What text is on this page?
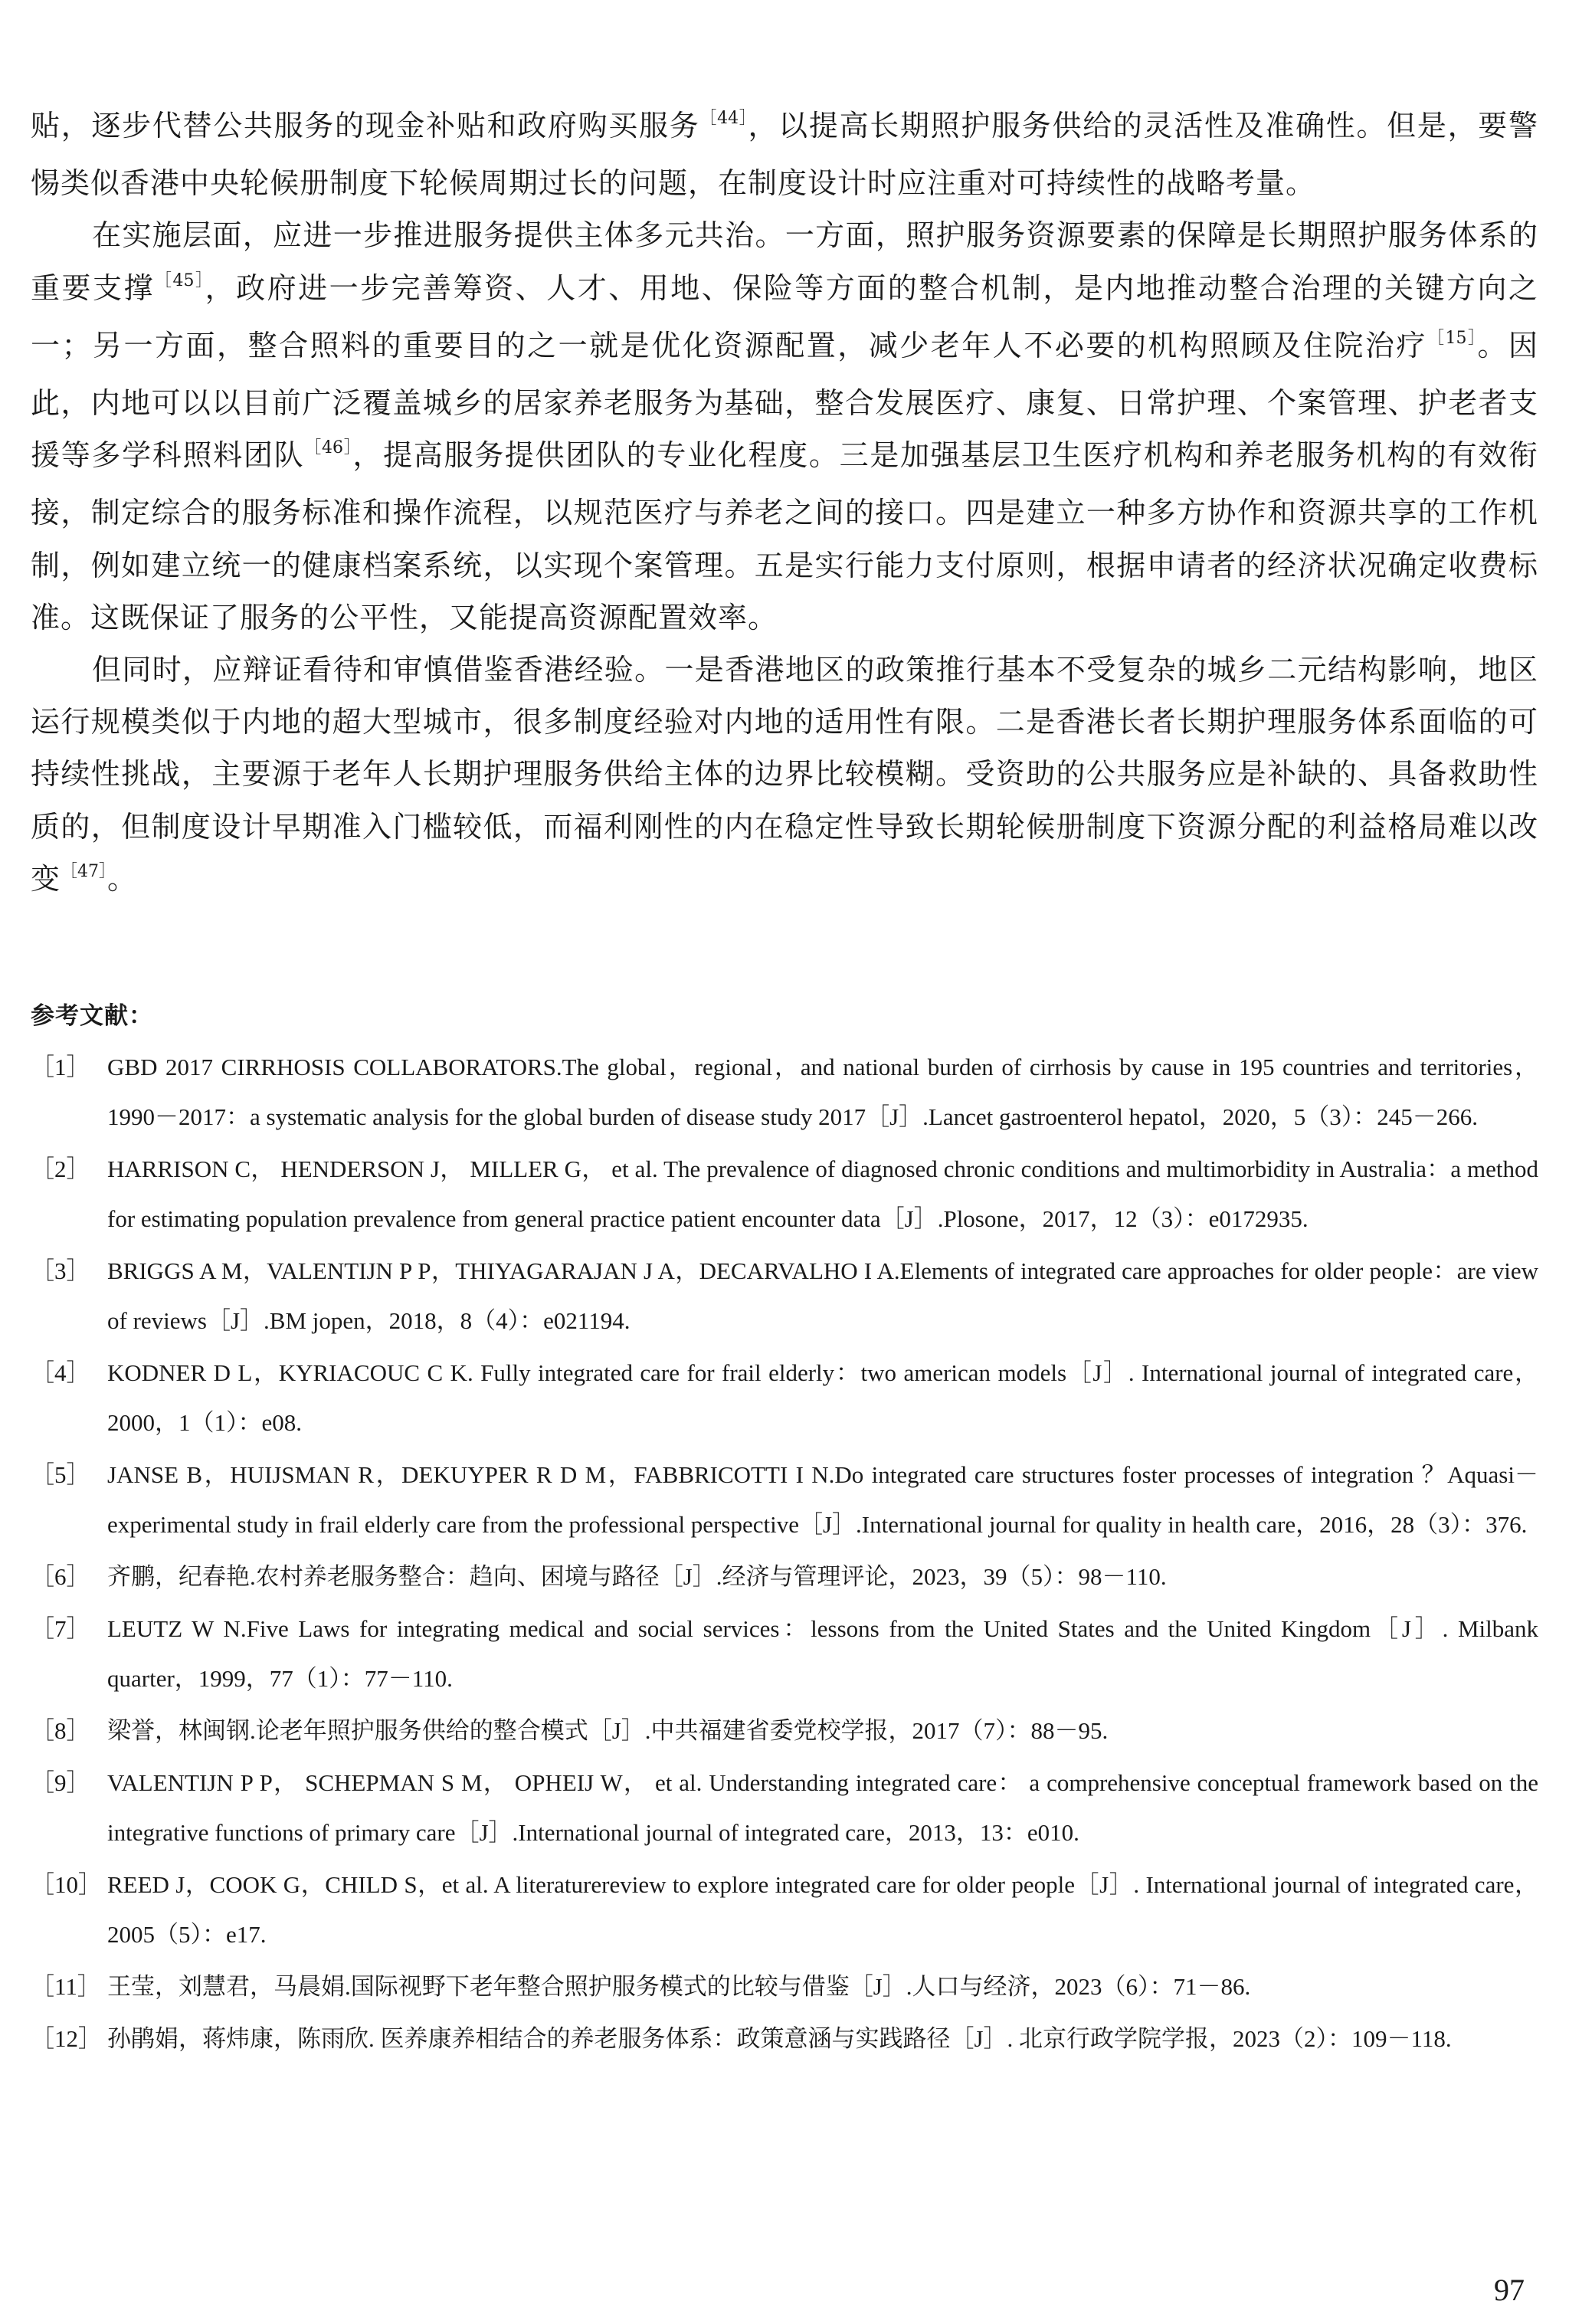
贴，逐步代替公共服务的现金补贴和政府购买服务$^{[44]}$，以提高长期照护服务供给的灵活性及准确性。但是，要警惕类似香港中央轮候册制度下轮候周期过长的问题，在制度设计时应注重对可持续性的战略考量。

在实施层面，应进一步推进服务提供主体多元共治。一方面，照护服务资源要素的保障是长期照护服务体系的重要支撑$^{[45]}$，政府进一步完善筹资、人才、用地、保险等方面的整合机制，是内地推动整合治理的关键方向之一；另一方面，整合照料的重要目的之一就是优化资源配置，减少老年人不必要的机构照顾及住院治疗$^{[15]}$。因此，内地可以以目前广泛覆盖城乡的居家养老服务为基础，整合发展医疗、康复、日常护理、个案管理、护老者支援等多学科照料团队$^{[46]}$，提高服务提供团队的专业化程度。三是加强基层卫生医疗机构和养老服务机构的有效衔接，制定综合的服务标准和操作流程，以规范医疗与养老之间的接口。四是建立一种多方协作和资源共享的工作机制，例如建立统一的健康档案系统，以实现个案管理。五是实行能力支付原则，根据申请者的经济状况确定收费标准。这既保证了服务的公平性，又能提高资源配置效率。

但同时，应辩证看待和审慎借鉴香港经验。一是香港地区的政策推行基本不受复杂的城乡二元结构影响，地区运行规模类似于内地的超大型城市，很多制度经验对内地的适用性有限。二是香港长者长期护理服务体系面临的可持续性挑战，主要源于老年人长期护理服务供给主体的边界比较模糊。受资助的公共服务应是补缺的、具备救助性质的，但制度设计早期准入门槛较低，而福利刚性的内在稳定性导致长期轮候册制度下资源分配的利益格局难以改变$^{[47]}$。

参考文献：
［1］ GBD 2017 CIRRHOSIS COLLABORATORS.The global，regional，and national burden of cirrhosis by cause in 195 countries and territories，1990－2017：a systematic analysis for the global burden of disease study 2017［J］.Lancet gastroenterol hepatol，2020，5（3）：245－266.
［2］ HARRISON C， HENDERSON J， MILLER G， et al. The prevalence of diagnosed chronic conditions and multimorbidity in Australia：a method for estimating population prevalence from general practice patient encounter data［J］.Plosone，2017，12（3）：e0172935.
［3］ BRIGGS A M，VALENTIJN P P，THIYAGARAJAN J A，DECARVALHO I A.Elements of integrated care approaches for older people：are view of reviews［J］.BM jopen，2018，8（4）：e021194.
［4］ KODNER D L，KYRIACOUC C K. Fully integrated care for frail elderly：two american models［J］. International journal of integrated care，2000，1（1）：e08.
［5］ JANSE B，HUIJSMAN R，DEKUYPER R D M，FABBRICOTTI I N.Do integrated care structures foster processes of integration ？Aquasi－experimental study in frail elderly care from the professional perspective［J］.International journal for quality in health care，2016，28（3）：376.
［6］ 齐鹏，纪春艳.农村养老服务整合：趋向、困境与路径［J］.经济与管理评论，2023，39（5）：98－110.
［7］ LEUTZ W N.Five Laws for integrating medical and social services：lessons from the United States and the United Kingdom［J］. Milbank quarter，1999，77（1）：77－110.
［8］ 梁誉，林闽钢.论老年照护服务供给的整合模式［J］.中共福建省委党校学报，2017（7）：88－95.
［9］ VALENTIJN P P， SCHEPMAN S M， OPHEIJ W， et al. Understanding integrated care： a comprehensive conceptual framework based on the integrative functions of primary care［J］.International journal of integrated care，2013，13：e010.
［10］ REED J，COOK G，CHILD S，et al. A literaturereview to explore integrated care for older people［J］. International journal of integrated care，2005（5）：e17.
［11］ 王莹，刘慧君，马晨娟.国际视野下老年整合照护服务模式的比较与借鉴［J］.人口与经济，2023（6）：71－86.
［12］ 孙鹃娟，蒋炜康，陈雨欣. 医养康养相结合的养老服务体系：政策意涵与实践路径［J］. 北京行政学院学报，2023（2）：109－118.
97
